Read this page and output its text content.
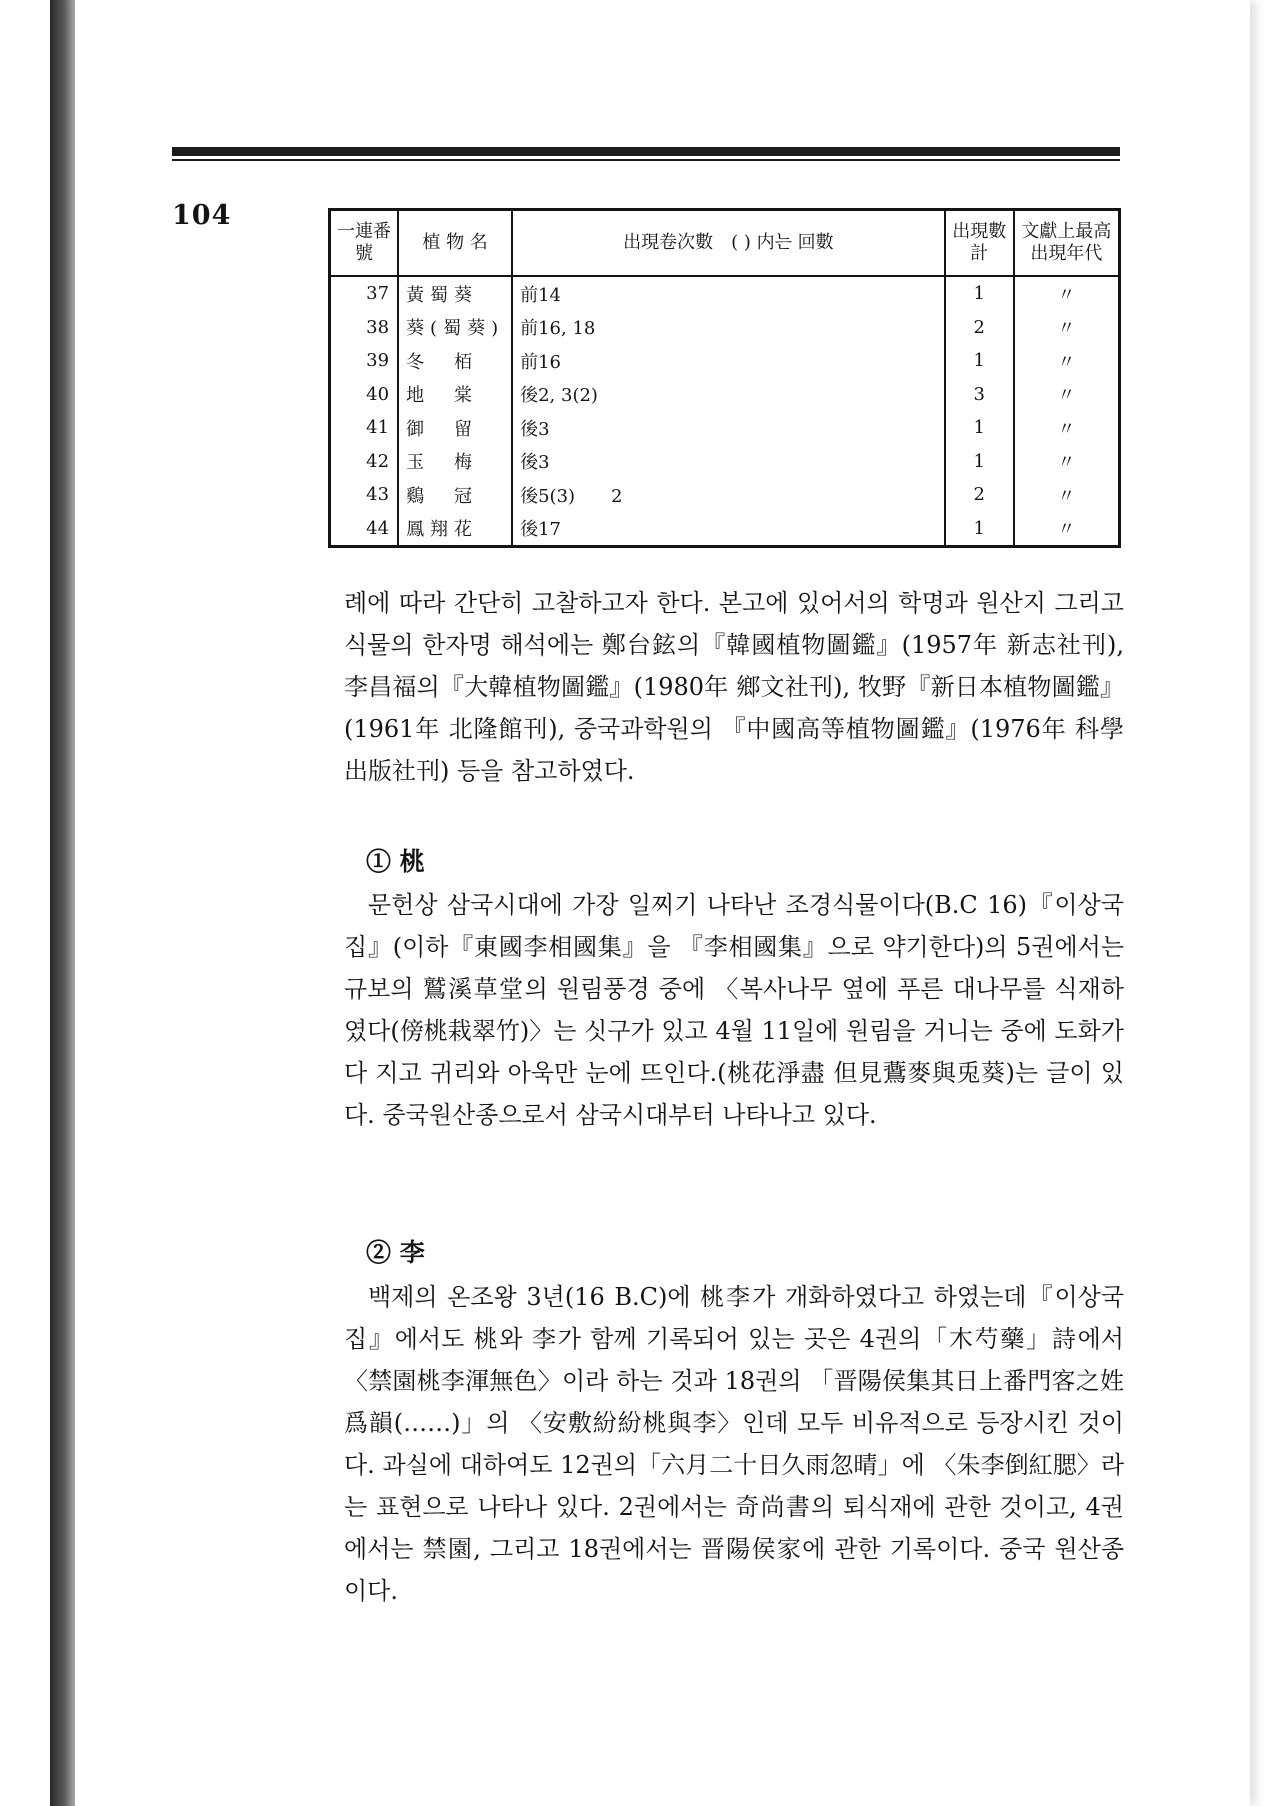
104
一連番號	植 物 名	出現卷次數　( ) 内는 回數	出現數計	文獻上最高出現年代
37	黃蜀葵	前14	1	〃
38	葵(蜀葵)	前16, 18	2	〃
39	冬　栢	前16	1	〃
40	地　棠	後2, 3(2)	3	〃
41	御　留	後3	1	〃
42	玉　梅	後3	1	〃
43	鷄　冠	後5(3)　　2	2	〃
44	鳳翔花	後17	1	〃

례에 따라 간단히 고찰하고자 한다. 본고에 있어서의 학명과 원산지 그리고 식물의 한자명 해석에는 鄭台鉉의『韓國植物圖鑑』(1957年 新志社刊), 李昌福의『大韓植物圖鑑』(1980年 鄉文社刊), 牧野『新日本植物圖鑑』(1961年 北隆館刊), 중국과학원의 『中國高等植物圖鑑』(1976年 科學出版社刊) 등을 참고하였다.

① 桃

문헌상 삼국시대에 가장 일찌기 나타난 조경식물이다(B.C 16)『이상국집』(이하『東國李相國集』을 『李相國集』으로 약기한다)의 5권에서는 규보의 鷲溪草堂의 원림풍경 중에 〈복사나무 옆에 푸른 대나무를 식재하였다(傍桃栽翠竹)〉는 싯구가 있고 4월 11일에 원림을 거니는 중에 도화가 다 지고 귀리와 아욱만 눈에 뜨인다.(桃花淨盡 但見鷰麥與兎葵)는 글이 있다. 중국원산종으로서 삼국시대부터 나타나고 있다.

② 李

백제의 온조왕 3년(16 B.C)에 桃李가 개화하였다고 하였는데『이상국집』에서도 桃와 李가 함께 기록되어 있는 곳은 4권의「木芍藥」詩에서 〈禁園桃李渾無色〉이라 하는 것과 18권의 「晋陽侯集其日上番門客之姓 爲韻(……)」의 〈安敷紛紛桃與李〉인데 모두 비유적으로 등장시킨 것이다. 과실에 대하여도 12권의「六月二十日久雨忽晴」에 〈朱李倒紅腮〉라는 표현으로 나타나 있다. 2권에서는 奇尚書의 퇴식재에 관한 것이고, 4권에서는 禁園, 그리고 18권에서는 晋陽侯家에 관한 기록이다. 중국 원산종이다.
